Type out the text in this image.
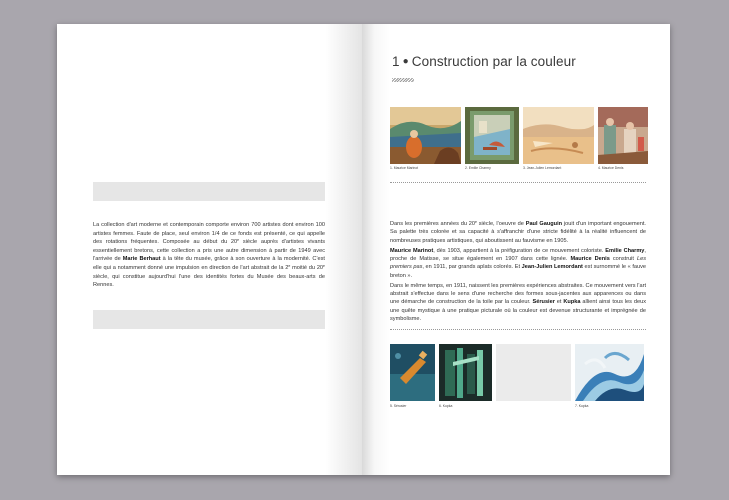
La collection d'art moderne et contemporain comporte environ 700 artistes dont environ 100 artistes femmes. Faute de place, seul environ 1/4 de ce fonds est présenté, ce qui appelle des rotations fréquentes. Composée au début du 20e siècle auprès d'artistes vivants essentiellement bretons, cette collection a pris une autre dimension à partir de 1949 avec l'arrivée de Marie Berhaut à la tête du musée, grâce à son ouverture à la modernité. C'est elle qui a notamment donné une impulsion en direction de l'art abstrait de la 2e moitié du 20e siècle, qui constitue aujourd'hui l'une des identités fortes du Musée des beaux-arts de Rennes.
1 ● Construction par la couleur
1. Maurice Marinot	2. Emilie Charmy	3. Jean-Julien Lemordant	4. Maurice Denis

Dans les premières années du 20e siècle, l'oeuvre de Paul Gauguin jouit d'un important engouement. Sa palette très colorée et sa capacité à s'affranchir d'une stricte fidélité à la réalité influencent de nombreuses pratiques artistiques, qui aboutissent au fauvisme en 1905.

Maurice Marinot, dès 1903, appartient à la préfiguration de ce mouvement coloriste. Emilie Charmy, proche de Matisse, se situe également en 1907 dans cette lignée. Maurice Denis construit Les premiers pas, en 1911, par grands aplats colorés. Et Jean-Julien Lemordant est surnommé le « fauve breton ».

Dans le même temps, en 1911, naissent les premières expériences abstraites. Ce mouvement vers l'art abstrait s'effectue dans le sens d'une recherche des formes sous-jacentes aux apparences ou dans une démarche de construction de la toile par la couleur. Sérusier et Kupka allient ainsi tous les deux une quête mystique à une pratique picturale où la couleur est devenue structurante et imprégnée de symbolisme.

5. Sérusier	6. Kupka	7. Kupka
